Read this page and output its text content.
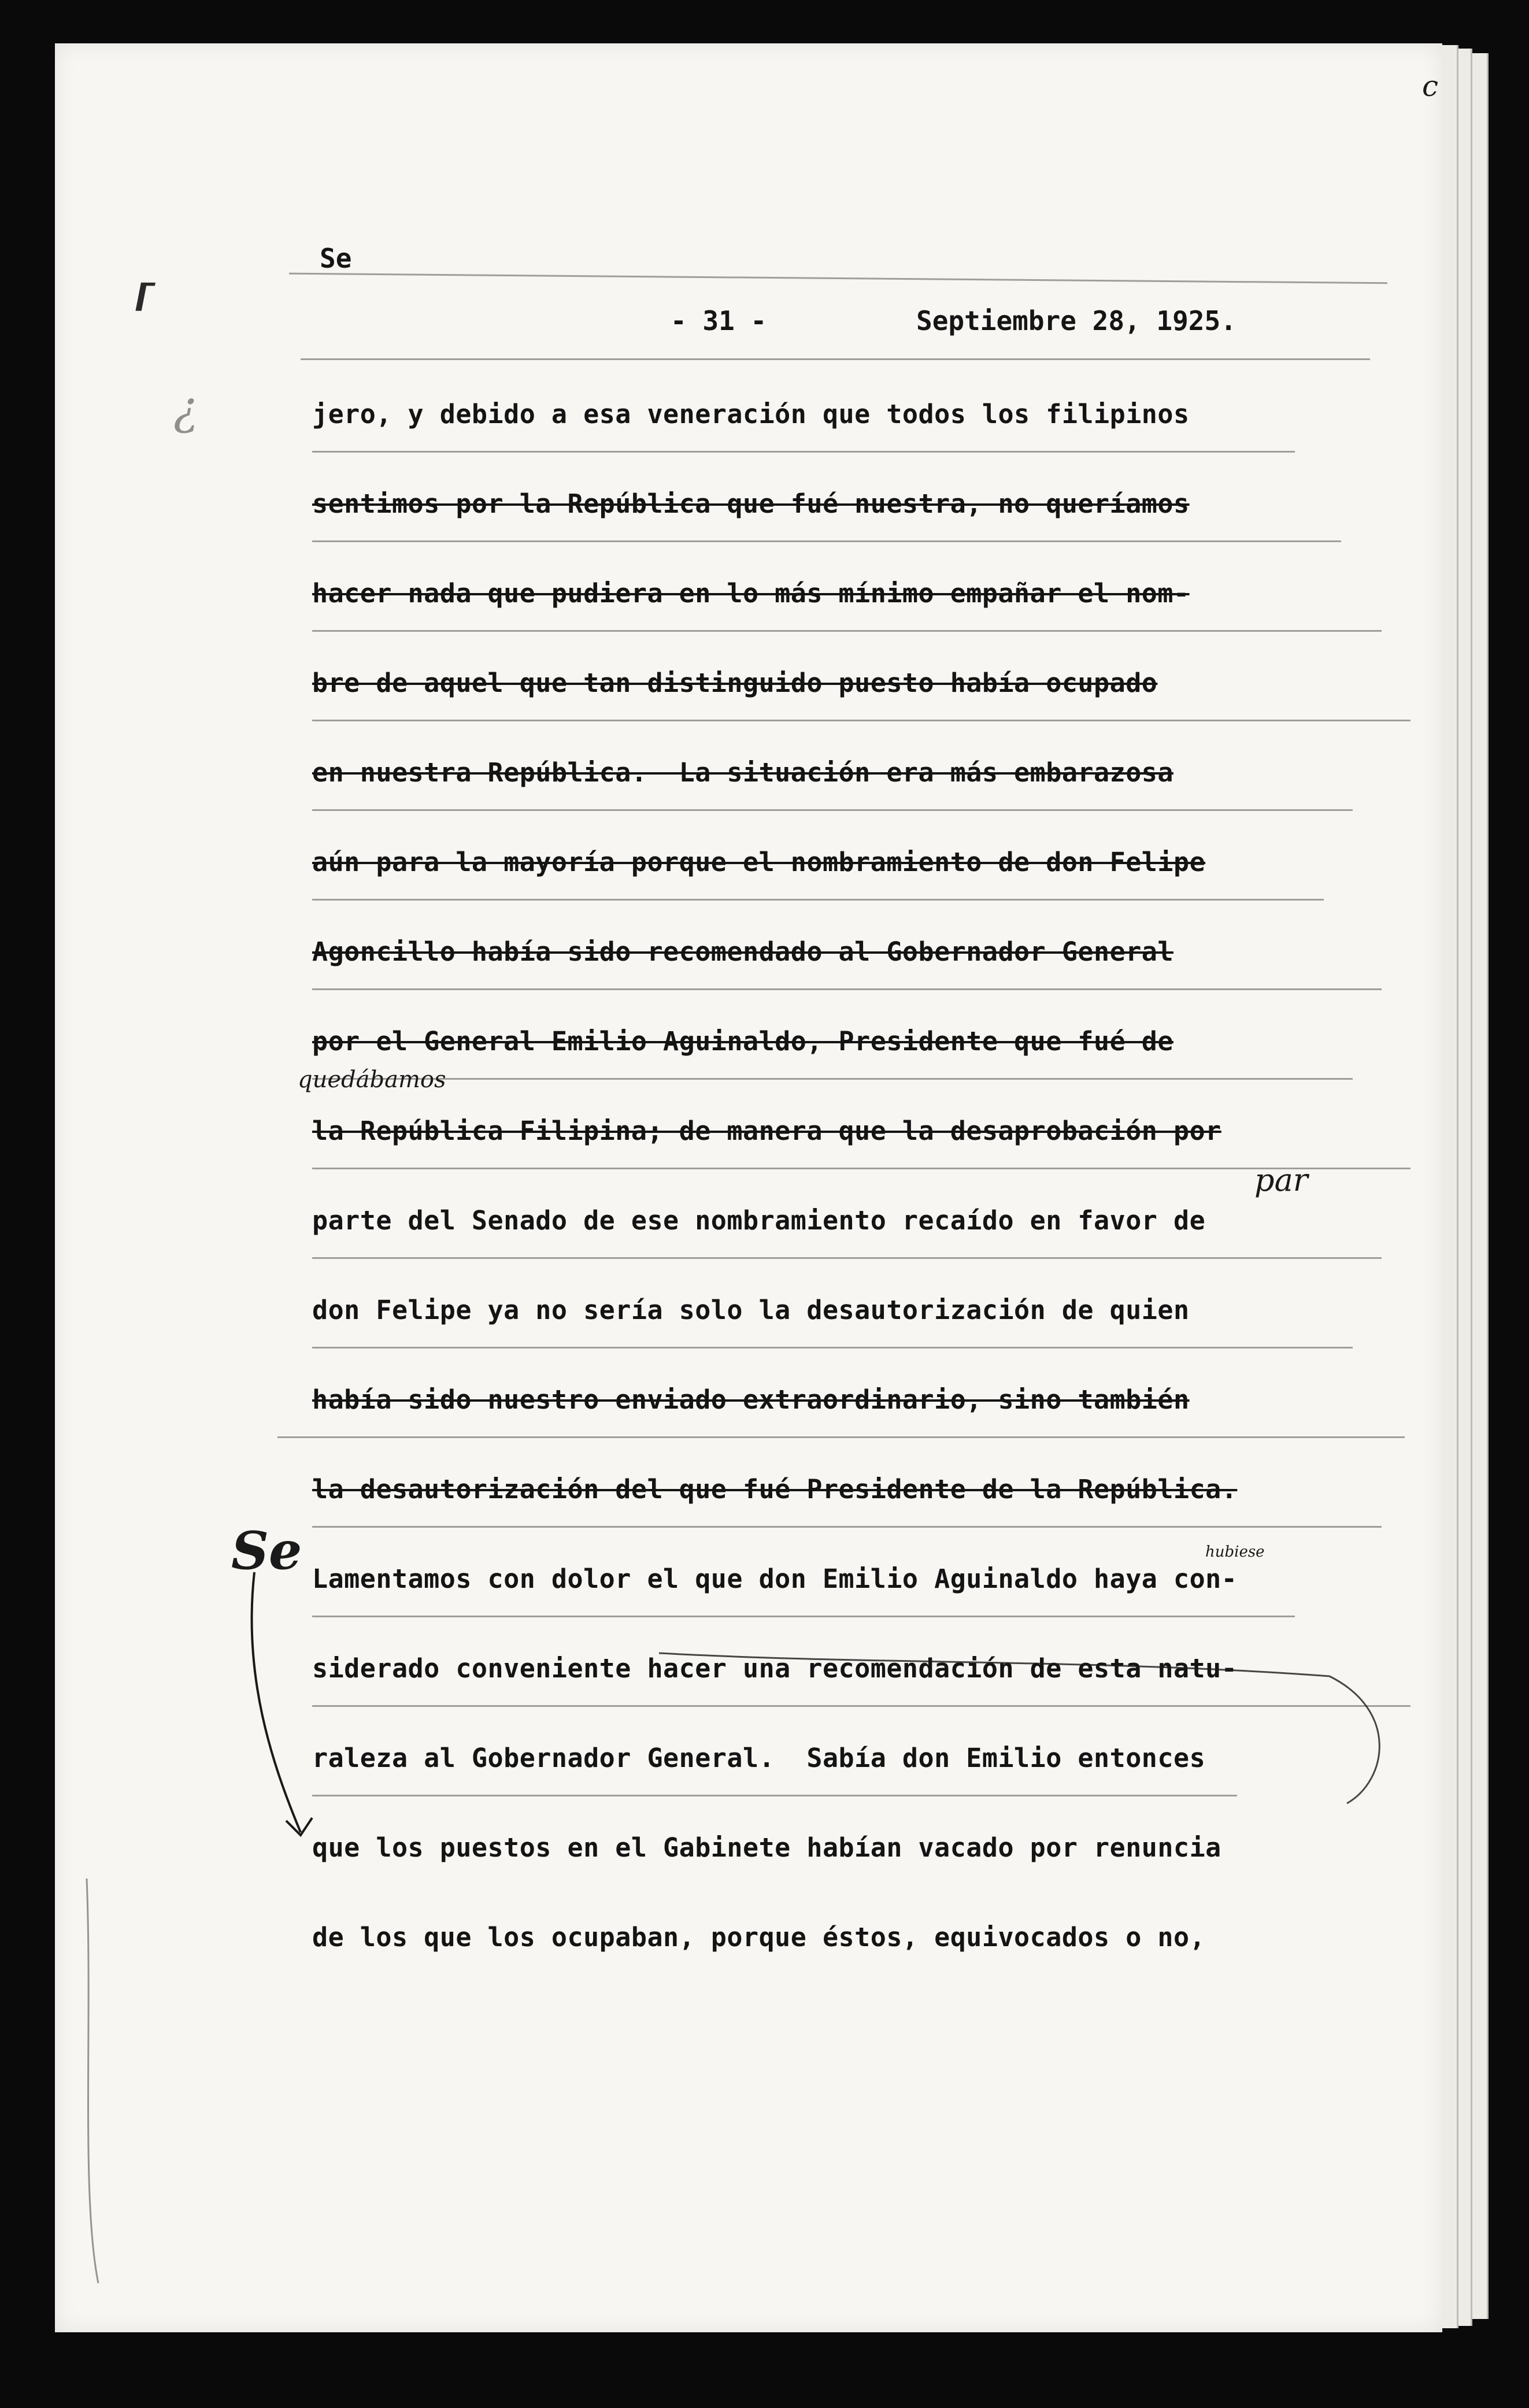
c
⸢
¿
Se
- 31 -	Septiembre 28, 1925.
jero, y debido a esa veneración que todos los filipinos
sentimos por la República que fué nuestra, no queríamos
hacer nada que pudiera en lo más mínimo empañar el nom-
bre de aquel que tan distinguido puesto había ocupado
en nuestra República.  La situación era más embarazosa
aún para la mayoría porque el nombramiento de don Felipe
Agoncillo había sido recomendado al Gobernador General
por el General Emilio Aguinaldo, Presidente que fué de
la República Filipina; de manera que la desaprobación por
parte del Senado de ese nombramiento recaído en favor de
don Felipe ya no sería solo la desautorización de quien
había sido nuestro enviado extraordinario, sino también
la desautorización del que fué Presidente de la República.
Lamentamos con dolor el que don Emilio Aguinaldo haya con-
siderado conveniente hacer una recomendación de esta natu-
raleza al Gobernador General.  Sabía don Emilio entonces
que los puestos en el Gabinete habían vacado por renuncia
de los que los ocupaban, porque éstos, equivocados o no,
Se
quedábamos
par
hubiese
